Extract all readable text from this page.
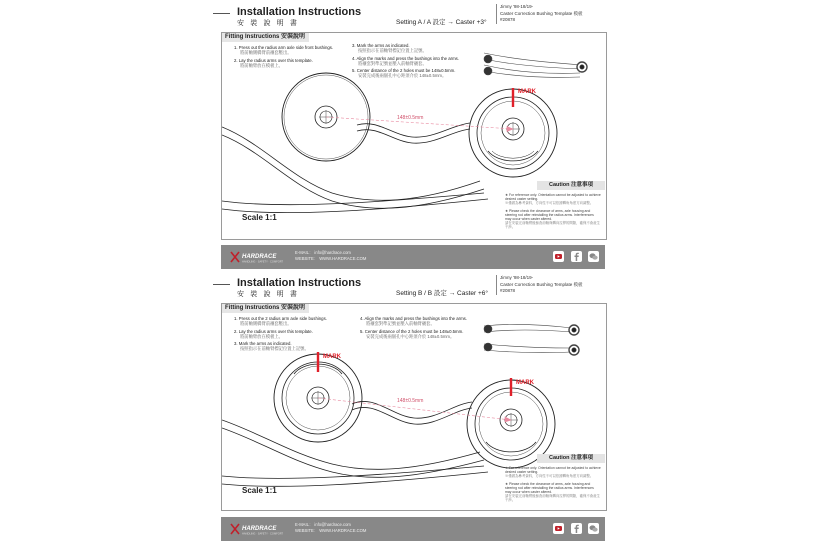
Installation Instructions
安 裝 說 明 書	Setting A / A 設定 → Caster +3°
Jimny '98-18/19-
Caster Correction Bushing Template 模板
#20878
MARK
148±0.5mm
Fitting Instructions 安裝說明
1. Press out the radius arm axle side front bushings.
將前軸側橋臂前襯套壓出。
2. Lay the radius arms over this template.
將前軸臂放在模板上。
3. Mark the arms as indicated.
按照指示在前軸臂標記位置上記號。
4. Align the marks and press the bushings into the arms.
將襯套對準記號並壓入前軸臂襯套。
5. Center distance of the 2 holes must be 148±0.5mm.
安裝完成後兩個孔中心距須介於 148±0.5mm。
Caution 注意事項
★ For reference only. Orientation cannot be adjusted to achieve desired caster setting.
※僅做為參考資料，方向性不可以依據轉角角度方向調整。
★ Please check the clearance of arms, axle housing and steering rod after reinstalling the radius arms. Interferences may occur when caster altered.
請在安裝完前軸臂後檢查前軸與轉向拉桿的間隙，確保不會產生干涉。
Scale 1:1
HARDRACE
HANDLING · SAFETY · COMFORT
E-MAIL： info@hardrace.com
WEBSITE： WWW.HARDRACE.COM

Installation Instructions
安 裝 說 明 書	Setting B / B 設定 → Caster +6°
Jimny '98-18/19-
Caster Correction Bushing Template 模板
#20878
MARK
MARK
148±0.5mm
Fitting Instructions 安裝說明
1. Press out the 2 radius arm axle side bushings.
將前軸側橋臂前襯套壓出。
2. Lay the radius arms over this template.
將前軸臂放在模板上。
3. Mark the arms as indicated.
按照指示在前軸臂標記位置上記號。
4. Align the marks and press the bushings into the arms.
將襯套對準記號並壓入前軸臂襯套。
5. Center distance of the 2 holes must be 148±0.5mm.
安裝完成後兩個孔中心距須介於 148±0.5mm。
Caution 注意事項
★ For reference only. Orientation cannot be adjusted to achieve desired caster setting.
※僅做為參考資料，方向性不可以依據轉角角度方向調整。
★ Please check the clearance of arms, axle housing and steering rod after reinstalling the radius arms. Interferences may occur when caster altered.
請在安裝完前軸臂後檢查前軸與轉向拉桿的間隙，確保不會產生干涉。
Scale 1:1
HARDRACE
HANDLING · SAFETY · COMFORT
E-MAIL： info@hardrace.com
WEBSITE： WWW.HARDRACE.COM
